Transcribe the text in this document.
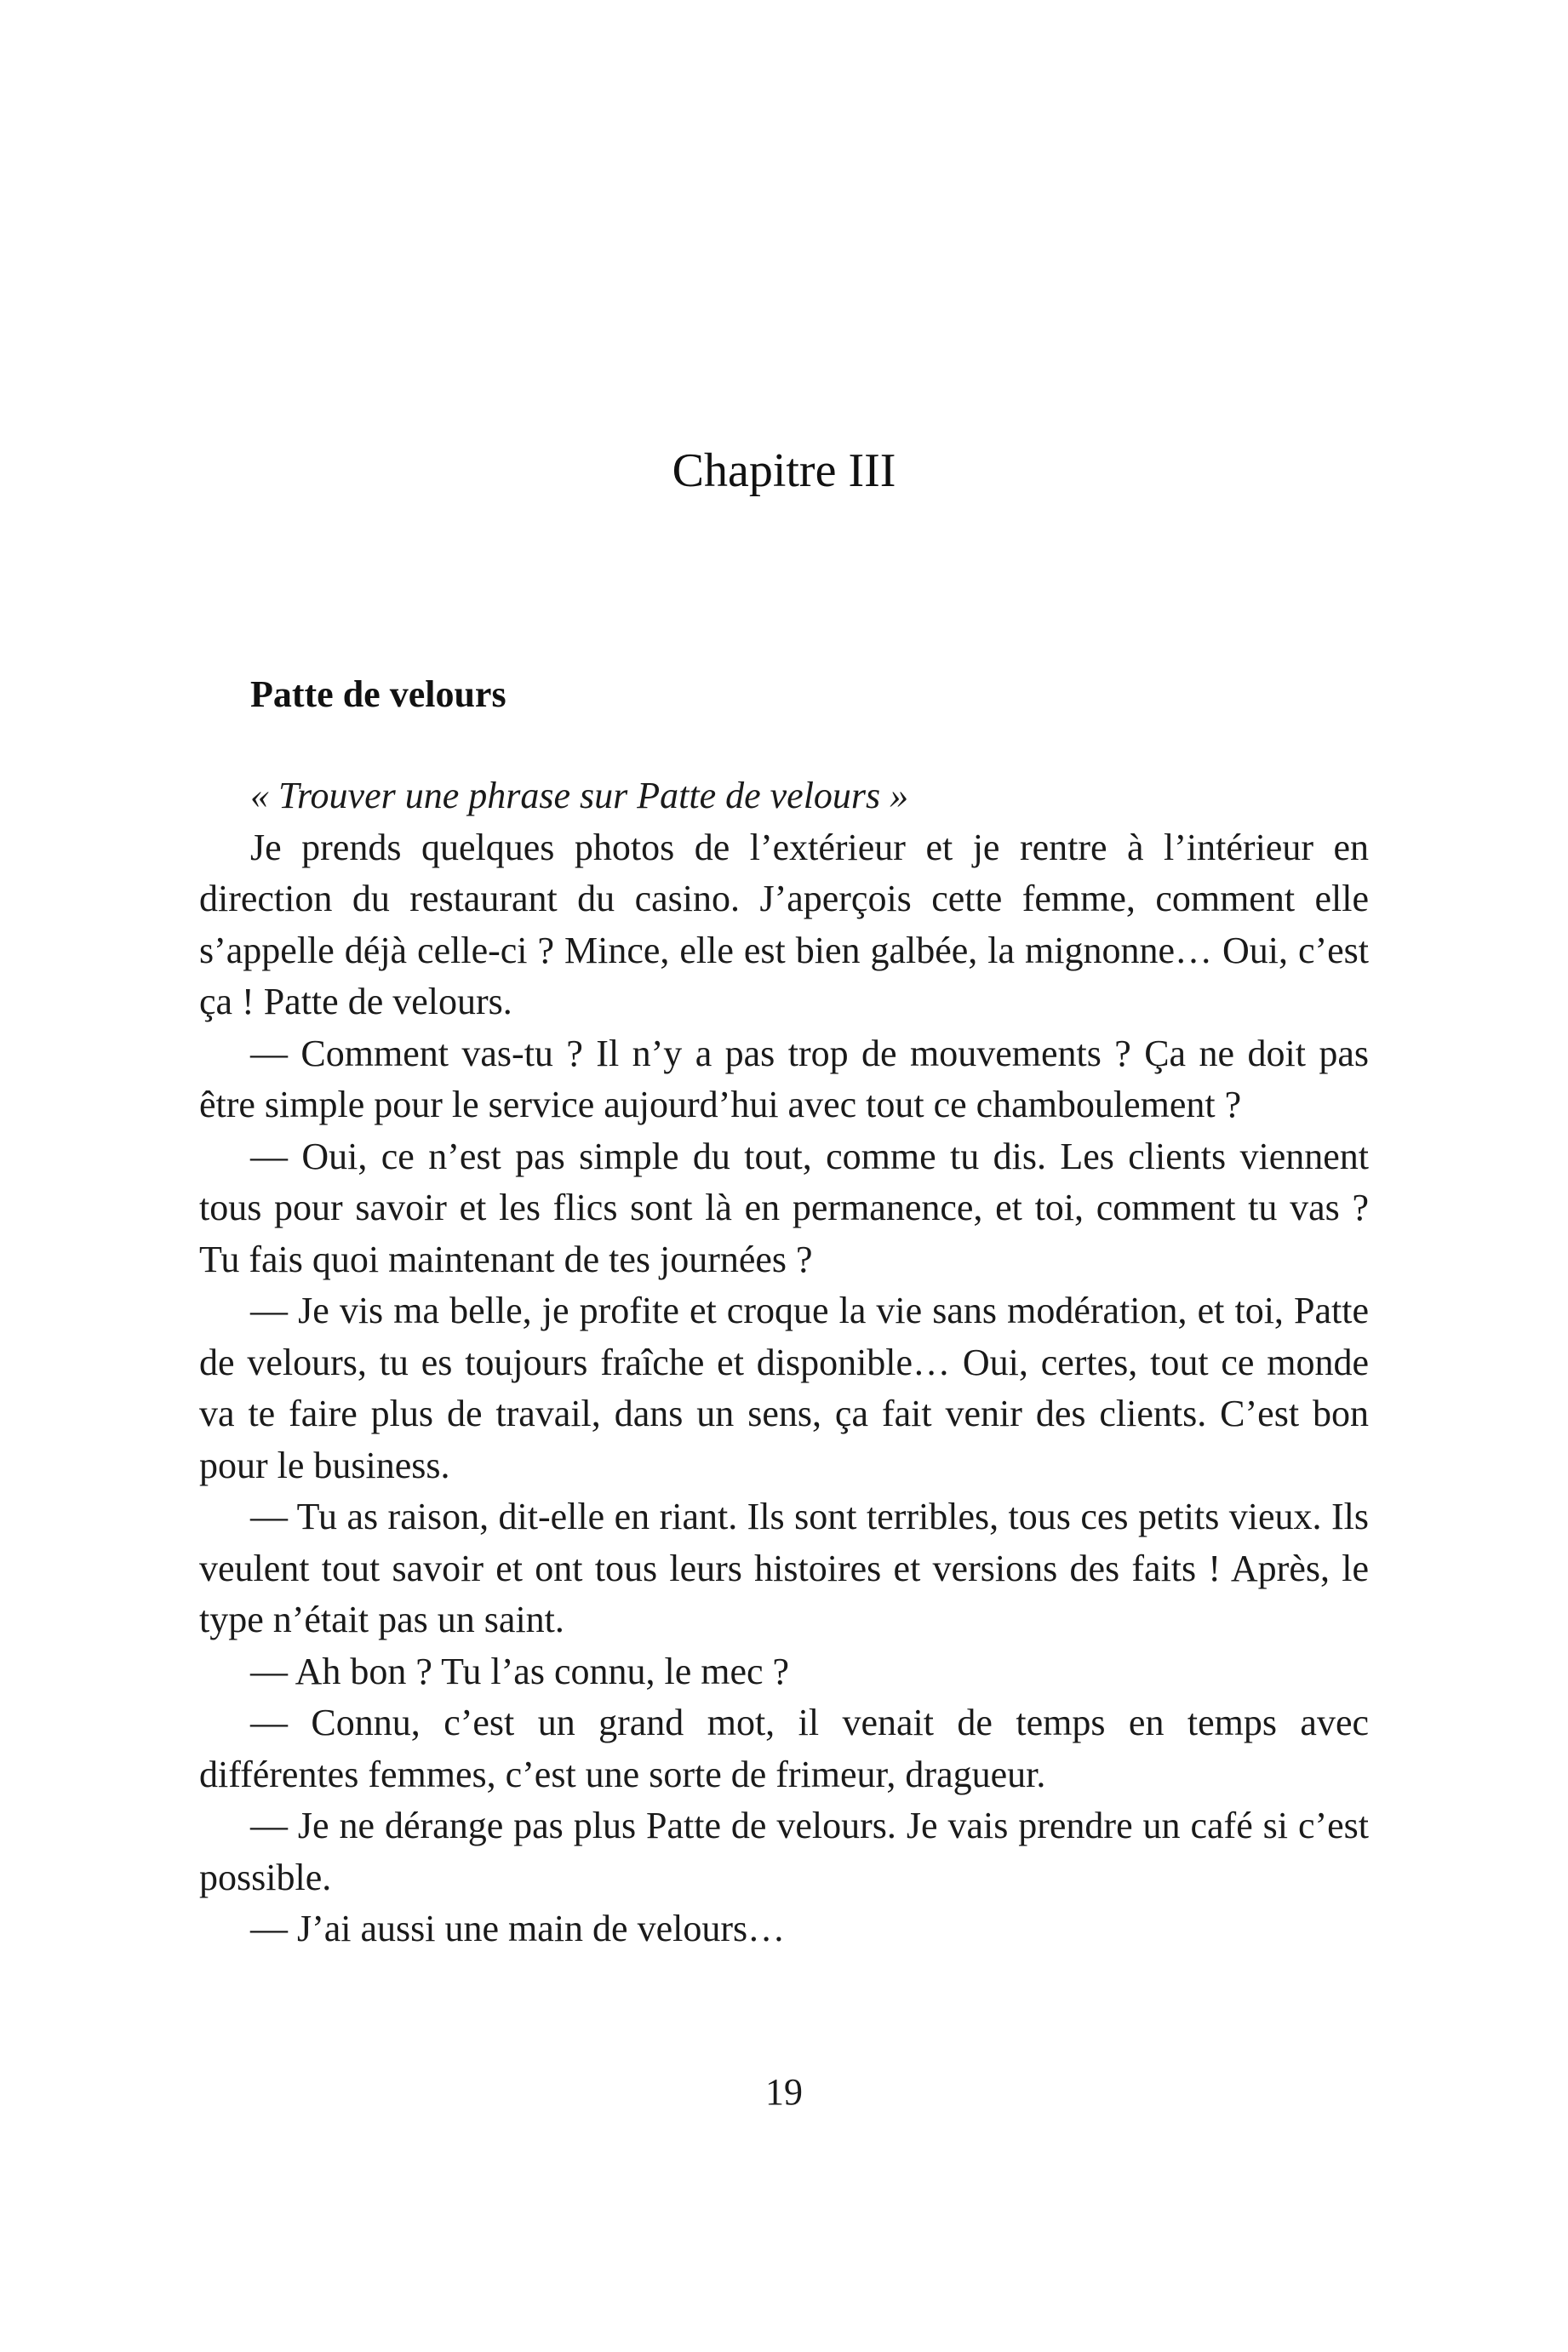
Chapitre III
Patte de velours

« Trouver une phrase sur Patte de velours »

Je prends quelques photos de l’extérieur et je rentre à l’intérieur en direction du restaurant du casino. J’aperçois cette femme, comment elle s’appelle déjà celle-ci ? Mince, elle est bien galbée, la mignonne… Oui, c’est ça ! Patte de velours.

— Comment vas-tu ? Il n’y a pas trop de mouvements ? Ça ne doit pas être simple pour le service aujourd’hui avec tout ce chamboulement ?

— Oui, ce n’est pas simple du tout, comme tu dis. Les clients viennent tous pour savoir et les flics sont là en permanence, et toi, comment tu vas ? Tu fais quoi maintenant de tes journées ?

— Je vis ma belle, je profite et croque la vie sans modération, et toi, Patte de velours, tu es toujours fraîche et disponible… Oui, certes, tout ce monde va te faire plus de travail, dans un sens, ça fait venir des clients. C’est bon pour le business.

— Tu as raison, dit-elle en riant. Ils sont terribles, tous ces petits vieux. Ils veulent tout savoir et ont tous leurs histoires et versions des faits ! Après, le type n’était pas un saint.

— Ah bon ? Tu l’as connu, le mec ?

— Connu, c’est un grand mot, il venait de temps en temps avec différentes femmes, c’est une sorte de frimeur, dragueur.

— Je ne dérange pas plus Patte de velours. Je vais prendre un café si c’est possible.

— J’ai aussi une main de velours…

19
